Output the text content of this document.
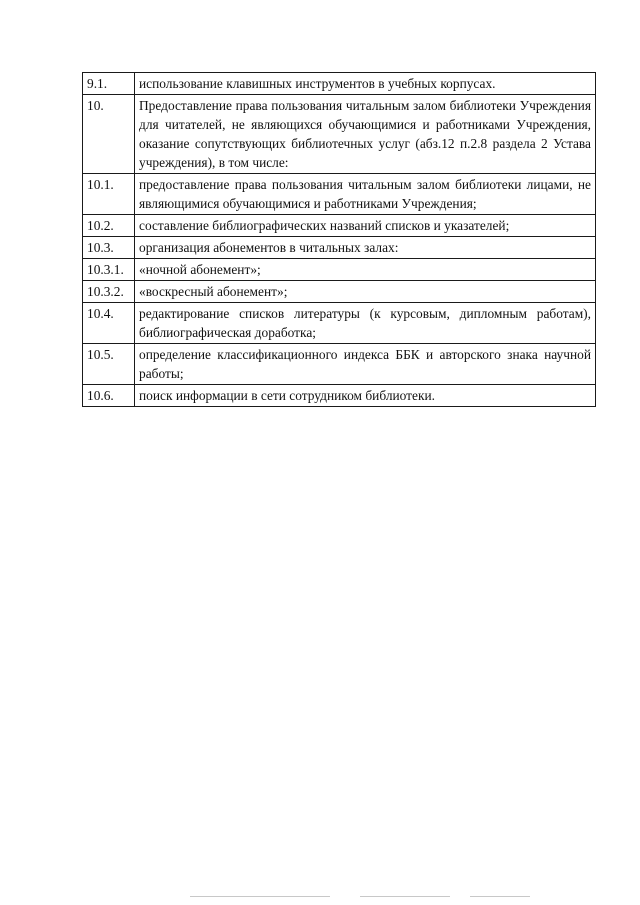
9.1.	использование клавишных инструментов в учебных корпусах.
10.	Предоставление права пользования читальным залом библиотеки Учреждения для читателей, не являющихся обучающимися и работниками Учреждения, оказание сопутствующих библиотечных услуг (абз.12 п.2.8 раздела 2 Устава учреждения), в том числе:
10.1.	предоставление права пользования читальным залом библиотеки лицами, не являющимися обучающимися и работниками Учреждения;
10.2.	составление библиографических названий списков и указателей;
10.3.	организация абонементов в читальных залах:
10.3.1.	«ночной абонемент»;
10.3.2.	«воскресный абонемент»;
10.4.	редактирование списков литературы (к курсовым, дипломным работам), библиографическая доработка;
10.5.	определение классификационного индекса ББК и авторского знака научной работы;
10.6.	поиск информации в сети сотрудником библиотеки.
